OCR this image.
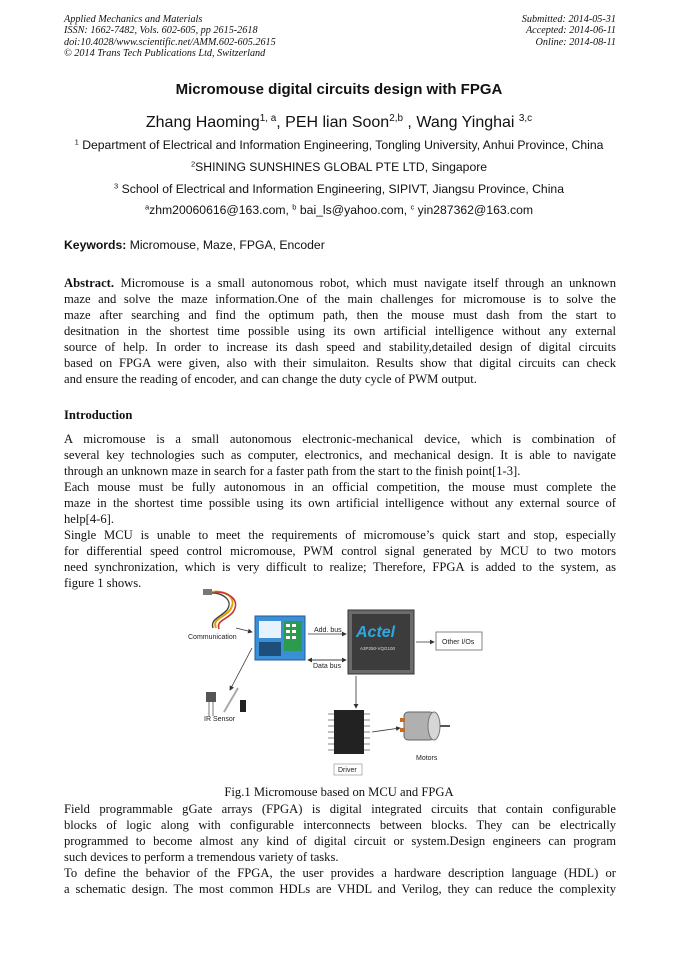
Applied Mechanics and Materials
ISSN: 1662-7482, Vols. 602-605, pp 2615-2618
doi:10.4028/www.scientific.net/AMM.602-605.2615
© 2014 Trans Tech Publications Ltd, Switzerland
Submitted: 2014-05-31
Accepted: 2014-06-11
Online: 2014-08-11
Micromouse digital circuits design with FPGA
Zhang Haoming$^{1, a}$, PEH lian Soon$^{2,b}$ , Wang Yinghai $^{3,c}$
$^1$ Department of Electrical and Information Engineering, Tongling University, Anhui Province, China
$^2$SHINING SUNSHINES GLOBAL PTE LTD, Singapore
$^3$ School of Electrical and Information Engineering, SIPIVT, Jiangsu Province, China
$^a$zhm20060616@163.com, $^b$ bai_ls@yahoo.com, $^c$ yin287362@163.com
Keywords: Micromouse, Maze, FPGA, Encoder
Abstract. Micromouse is a small autonomous robot, which must navigate itself through an unknown
maze and solve the maze information.One of the main challenges for micromouse is to solve the
maze after searching and find the optimum path, then the mouse must dash from the start to
desitnation in the shortest time possible using its own artificial intelligence without any external
source of help. In order to increase its dash speed and stability,detailed design of digital circuits
based on FPGA were given, also with their simulaiton. Results show that digital circuits can check
and ensure the reading of encoder, and can change the duty cycle of PWM output.
Introduction
A micromouse is a small autonomous electronic-mechanical device, which is combination of
several key technologies such as computer, electronics, and mechanical design. It is able to navigate
through an unknown maze in search for a faster path from the start to the finish point[1-3].
Each mouse must be fully autonomous in an official competition, the mouse must complete the
maze in the shortest time possible using its own artificial intelligence without any external source of
help[4-6].
Single MCU is unable to meet the requirements of micromouse’s quick start and stop, especially
for differential speed control micromouse, PWM control signal generated by MCU to two motors
need synchronization, which is very difficult to realize; Therefore, FPGA is added to the system, as
figure 1 shows.
Communication
Add. bus
Data bus
Actel
A3P250-VQG100
Other I/Os
IR Sensor
Driver
Motors
Fig.1 Micromouse based on MCU and FPGA
Field programmable gGate arrays (FPGA) is digital integrated circuits that contain configurable
blocks of logic along with configurable interconnects between blocks. They can be electrically
programmed to become almost any kind of digital circuit or system.Design engineers can program
such devices to perform a tremendous variety of tasks.
To define the behavior of the FPGA, the user provides a hardware description language (HDL) or
a schematic design. The most common HDLs are VHDL and Verilog, they can reduce the complexity
